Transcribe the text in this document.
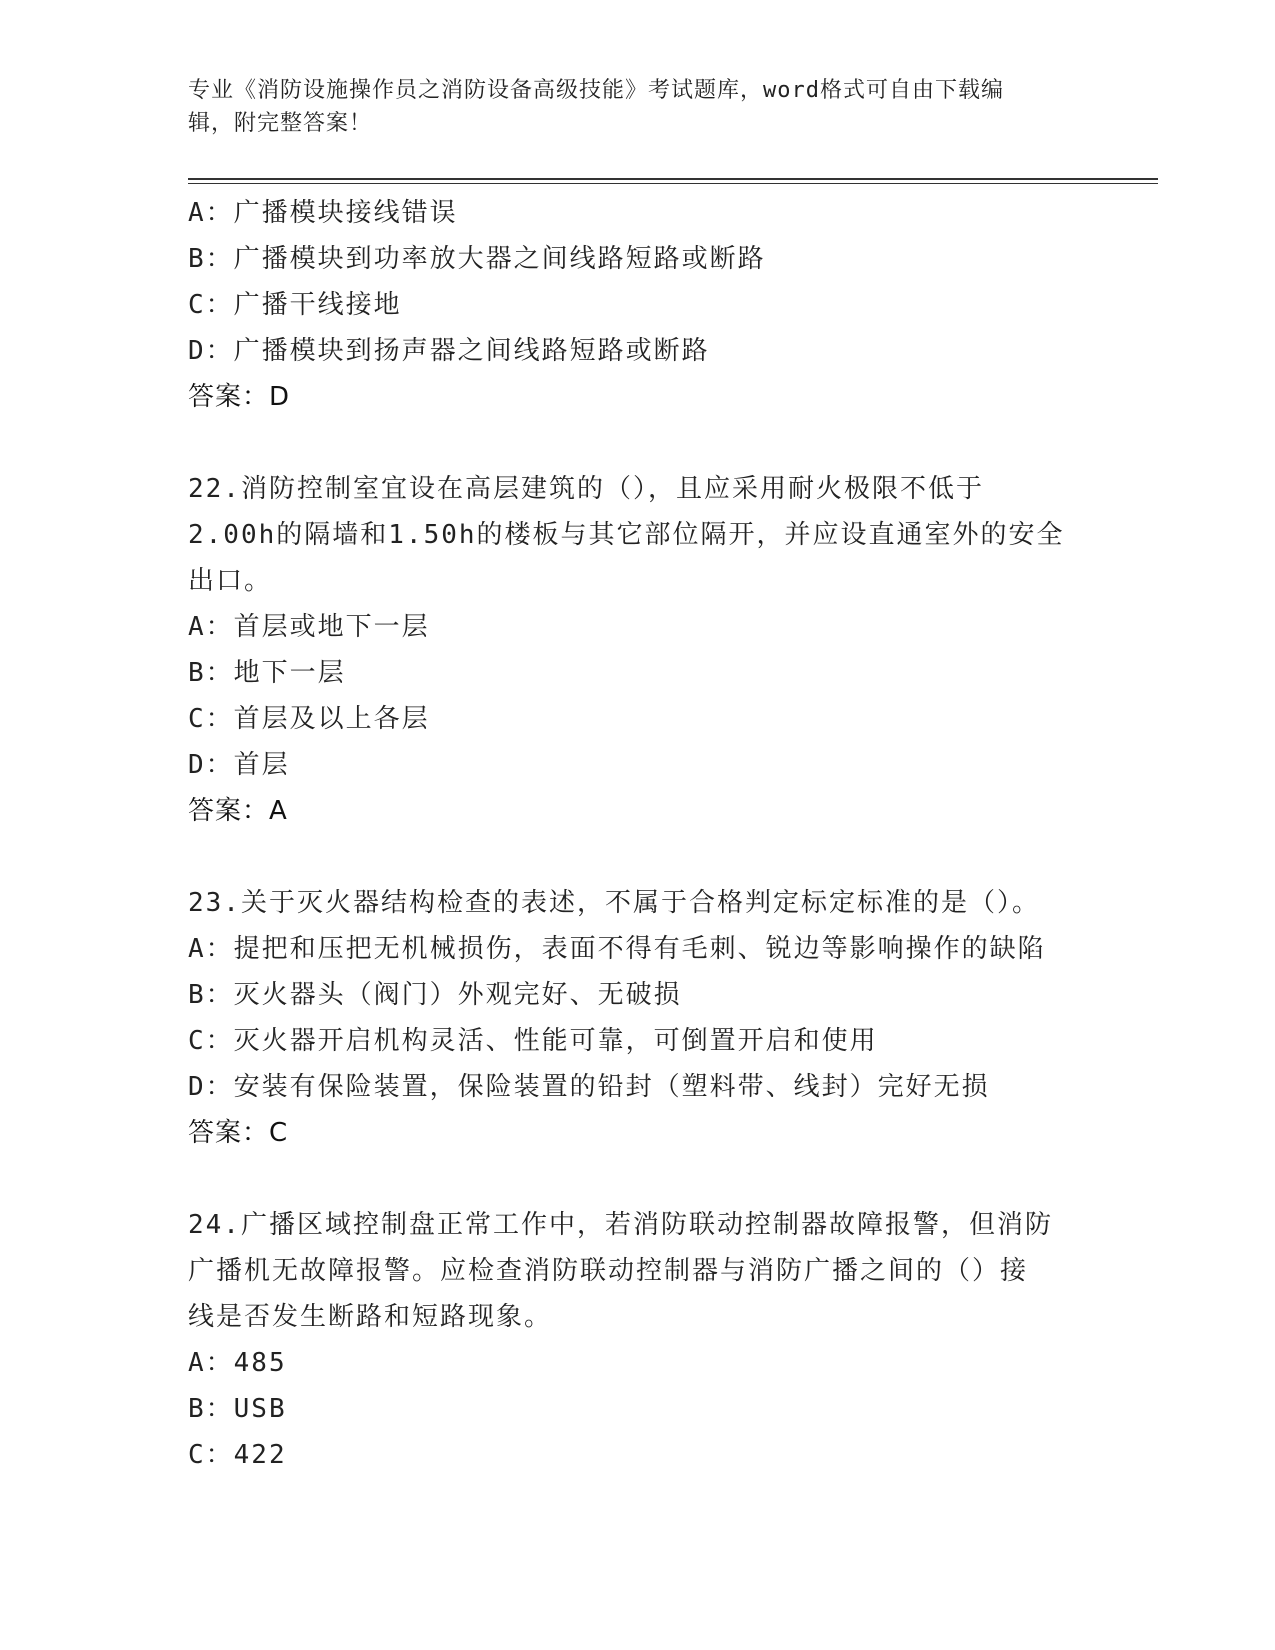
专业《消防设施操作员之消防设备高级技能》考试题库，word格式可自由下载编
辑，附完整答案！
A：广播模块接线错误
B：广播模块到功率放大器之间线路短路或断路
C：广播干线接地
D：广播模块到扬声器之间线路短路或断路
答案：D
22.消防控制室宜设在高层建筑的（），且应采用耐火极限不低于
2.00h的隔墙和1.50h的楼板与其它部位隔开，并应设直通室外的安全
出口。
A：首层或地下一层
B：地下一层
C：首层及以上各层
D：首层
答案：A
23.关于灭火器结构检查的表述，不属于合格判定标定标准的是（）。
A：提把和压把无机械损伤，表面不得有毛刺、锐边等影响操作的缺陷
B：灭火器头（阀门）外观完好、无破损
C：灭火器开启机构灵活、性能可靠，可倒置开启和使用
D：安装有保险装置，保险装置的铅封（塑料带、线封）完好无损
答案：C
24.广播区域控制盘正常工作中，若消防联动控制器故障报警，但消防
广播机无故障报警。应检查消防联动控制器与消防广播之间的（）接
线是否发生断路和短路现象。
A：485
B：USB
C：422
